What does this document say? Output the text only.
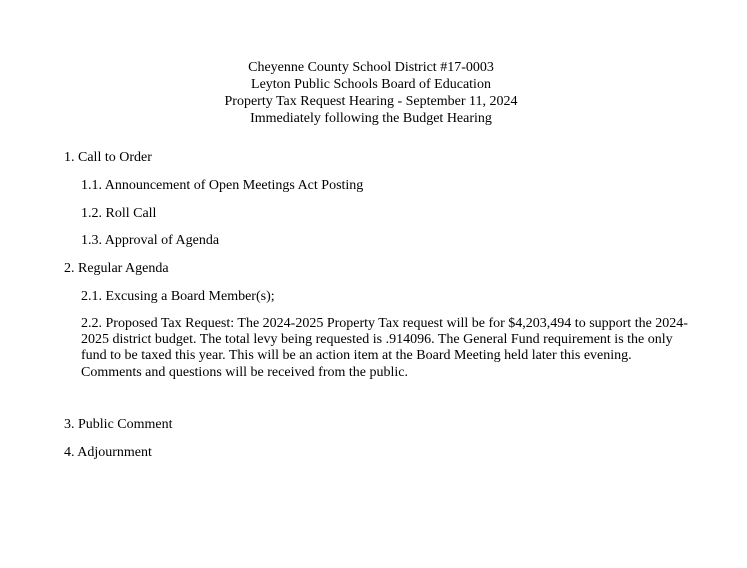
Cheyenne County School District #17-0003
Leyton Public Schools Board of Education
Property Tax Request Hearing - September 11, 2024
Immediately following the Budget Hearing
1. Call to Order
1.1. Announcement of Open Meetings Act Posting
1.2. Roll Call
1.3. Approval of Agenda
2. Regular Agenda
2.1. Excusing a Board Member(s);
2.2. Proposed Tax Request: The 2024-2025 Property Tax request will be for $4,203,494 to support the 2024-2025 district budget. The total levy being requested is .914096. The General Fund requirement is the only fund to be taxed this year. This will be an action item at the Board Meeting held later this evening. Comments and questions will be received from the public.
3. Public Comment
4. Adjournment
